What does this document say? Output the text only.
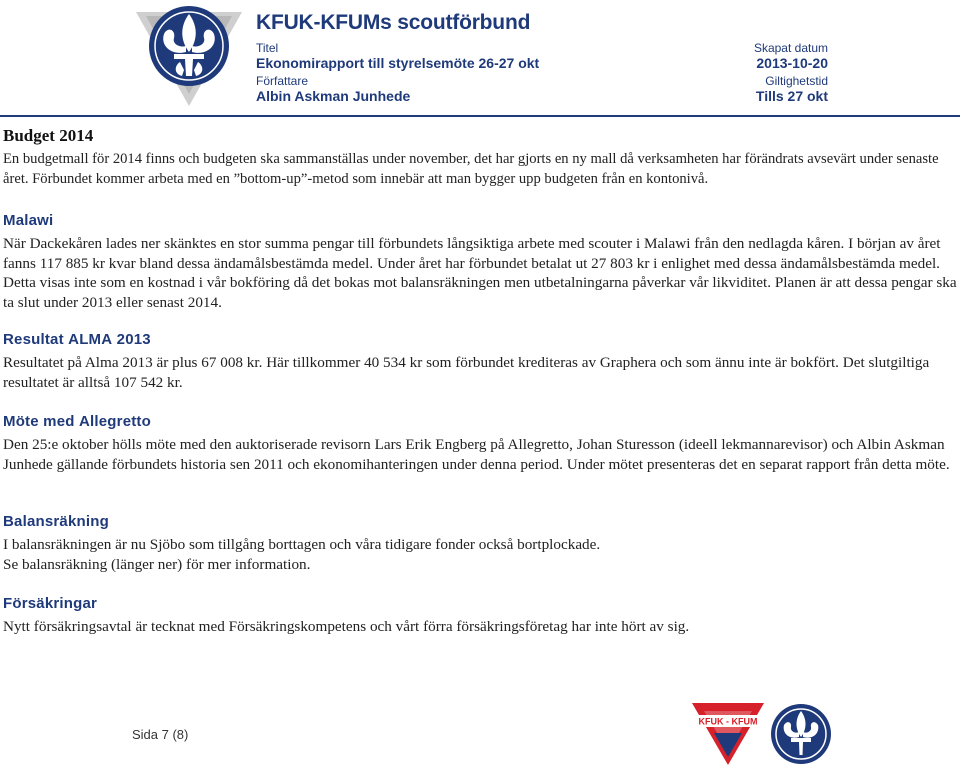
KFUK-KFUMs scoutförbund
Titel
Ekonomirapport till styrelsemöte 26-27 okt
Skapat datum
2013-10-20
Författare
Albin Askman Junhede
Giltighetstid
Tills 27 okt
Budget 2014

En budgetmall för 2014 finns och budgeten ska sammanställas under november, det har gjorts en ny mall då verksamheten har förändrats avsevärt under senaste året. Förbundet kommer arbeta med en ”bottom-up”-metod som innebär att man bygger upp budgeten från en kontonivå.

Malawi

När Dackekåren lades ner skänktes en stor summa pengar till förbundets långsiktiga arbete med scouter i Malawi från den nedlagda kåren. I början av året fanns 117 885 kr kvar bland dessa ändamålsbestämda medel. Under året har förbundet betalat ut 27 803 kr i enlighet med dessa ändamålsbestämda medel. Detta visas inte som en kostnad i vår bokföring då det bokas mot balansräkningen men utbetalningarna påverkar vår likviditet. Planen är att dessa pengar ska ta slut under 2013 eller senast 2014.

Resultat ALMA 2013

Resultatet på Alma 2013 är plus 67 008 kr. Här tillkommer 40 534 kr som förbundet krediteras av Graphera och som ännu inte är bokfört. Det slutgiltiga resultatet är alltså 107 542 kr.

Möte med Allegretto

Den 25:e oktober hölls möte med den auktoriserade revisorn Lars Erik Engberg på Allegretto, Johan Sturesson (ideell lekmannarevisor) och Albin Askman Junhede gällande förbundets historia sen 2011 och ekonomihanteringen under denna period. Under mötet presenteras det en separat rapport från detta möte.

Balansräkning

I balansräkningen är nu Sjöbo som tillgång borttagen och våra tidigare fonder också bortplockade.

Se balansräkning (länger ner) för mer information.

Försäkringar

Nytt försäkringsavtal är tecknat med Försäkringskompetens och vårt förra försäkringsföretag har inte hört av sig.

Sida 7 (8)
KFUK - KFUM
